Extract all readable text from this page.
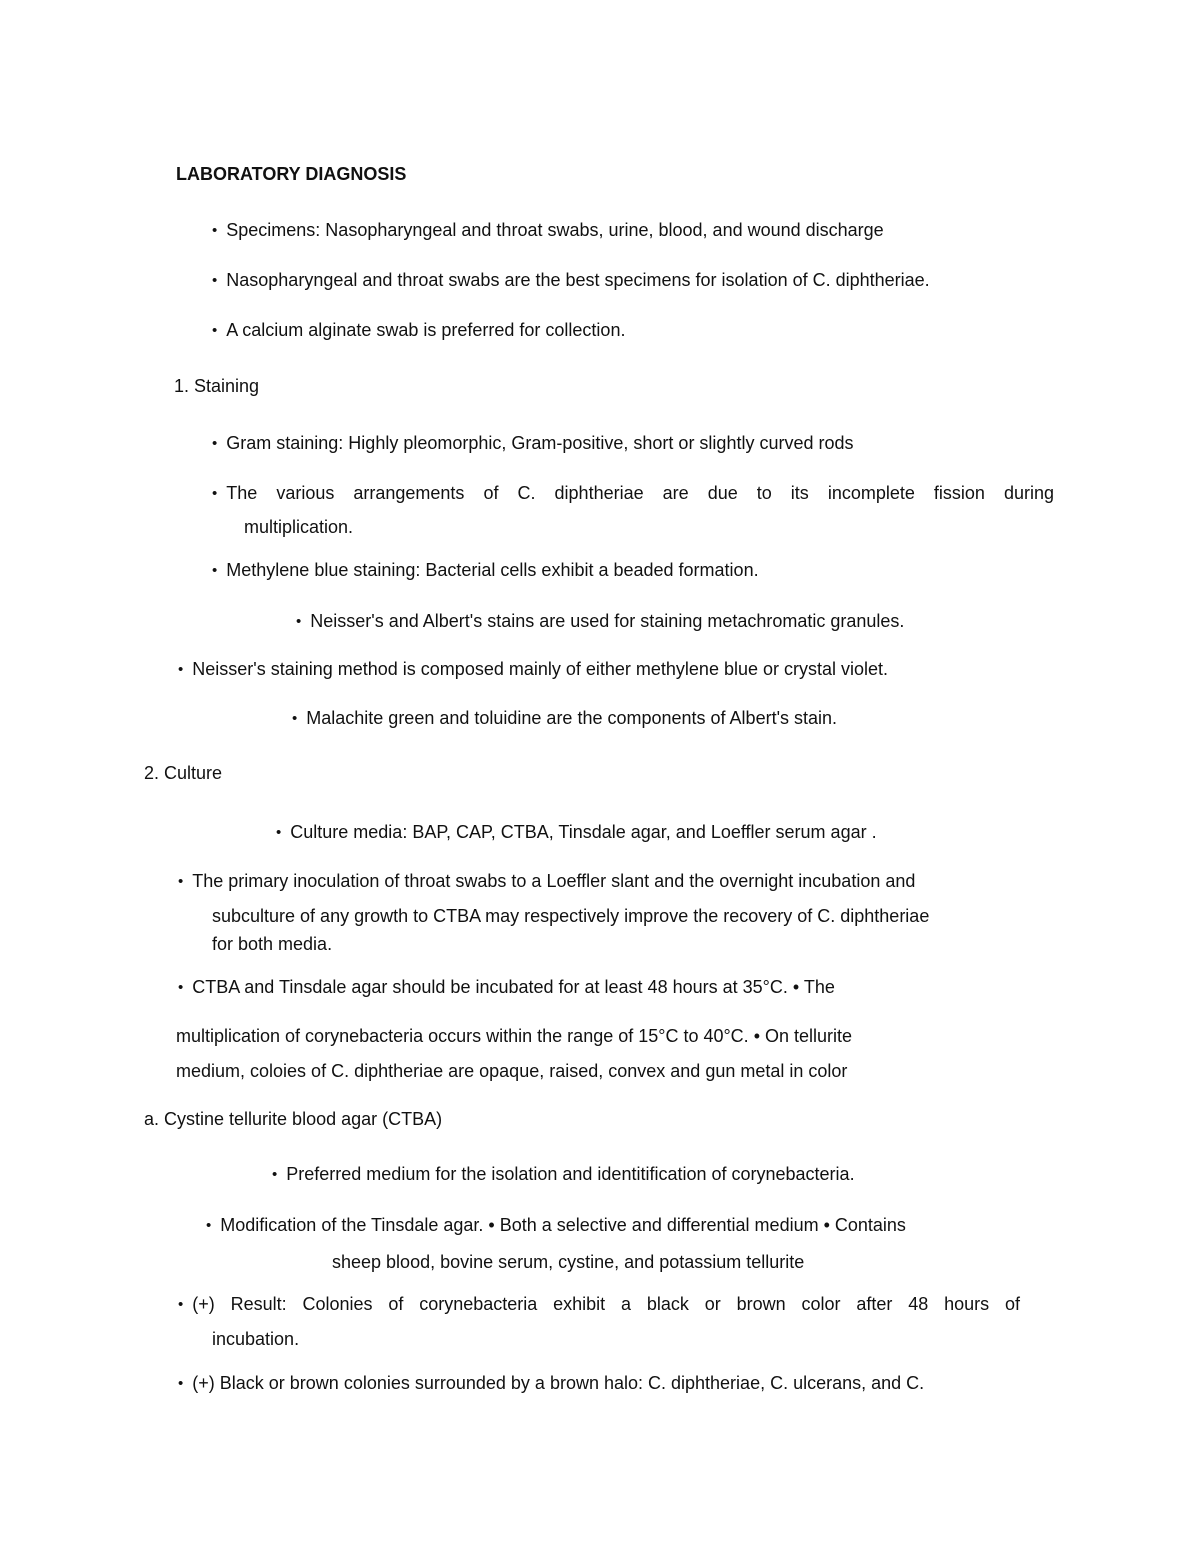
LABORATORY DIAGNOSIS
• Specimens: Nasopharyngeal and throat swabs, urine, blood, and wound discharge
• Nasopharyngeal and throat swabs are the best specimens for isolation of C. diphtheriae.
• A calcium alginate swab is preferred for collection.
1. Staining
• Gram staining: Highly pleomorphic, Gram-positive, short or slightly curved rods
• The various arrangements of C. diphtheriae are due to its incomplete fission during
multiplication.
• Methylene blue staining: Bacterial cells exhibit a beaded formation.
• Neisser's and Albert's stains are used for staining metachromatic granules.
• Neisser's staining method is composed mainly of either methylene blue or crystal violet.
• Malachite green and toluidine are the components of Albert's stain.
2. Culture
• Culture media: BAP, CAP, CTBA, Tinsdale agar, and Loeffler serum agar .
• The primary inoculation of throat swabs to a Loeffler slant and the overnight incubation and
subculture of any growth to CTBA may respectively improve the recovery of C. diphtheriae
for both media.
• CTBA and Tinsdale agar should be incubated for at least 48 hours at 35°C. • The
multiplication of corynebacteria occurs within the range of 15°C to 40°C. • On tellurite
medium, coloies of C. diphtheriae are opaque, raised, convex and gun metal in color
a. Cystine tellurite blood agar (CTBA)
• Preferred medium for the isolation and identitification of corynebacteria.
• Modification of the Tinsdale agar. • Both a selective and differential medium • Contains
sheep blood, bovine serum, cystine, and potassium tellurite
• (+) Result: Colonies of corynebacteria exhibit a black or brown color after 48 hours of
incubation.
• (+) Black or brown colonies surrounded by a brown halo: C. diphtheriae, C. ulcerans, and C.
